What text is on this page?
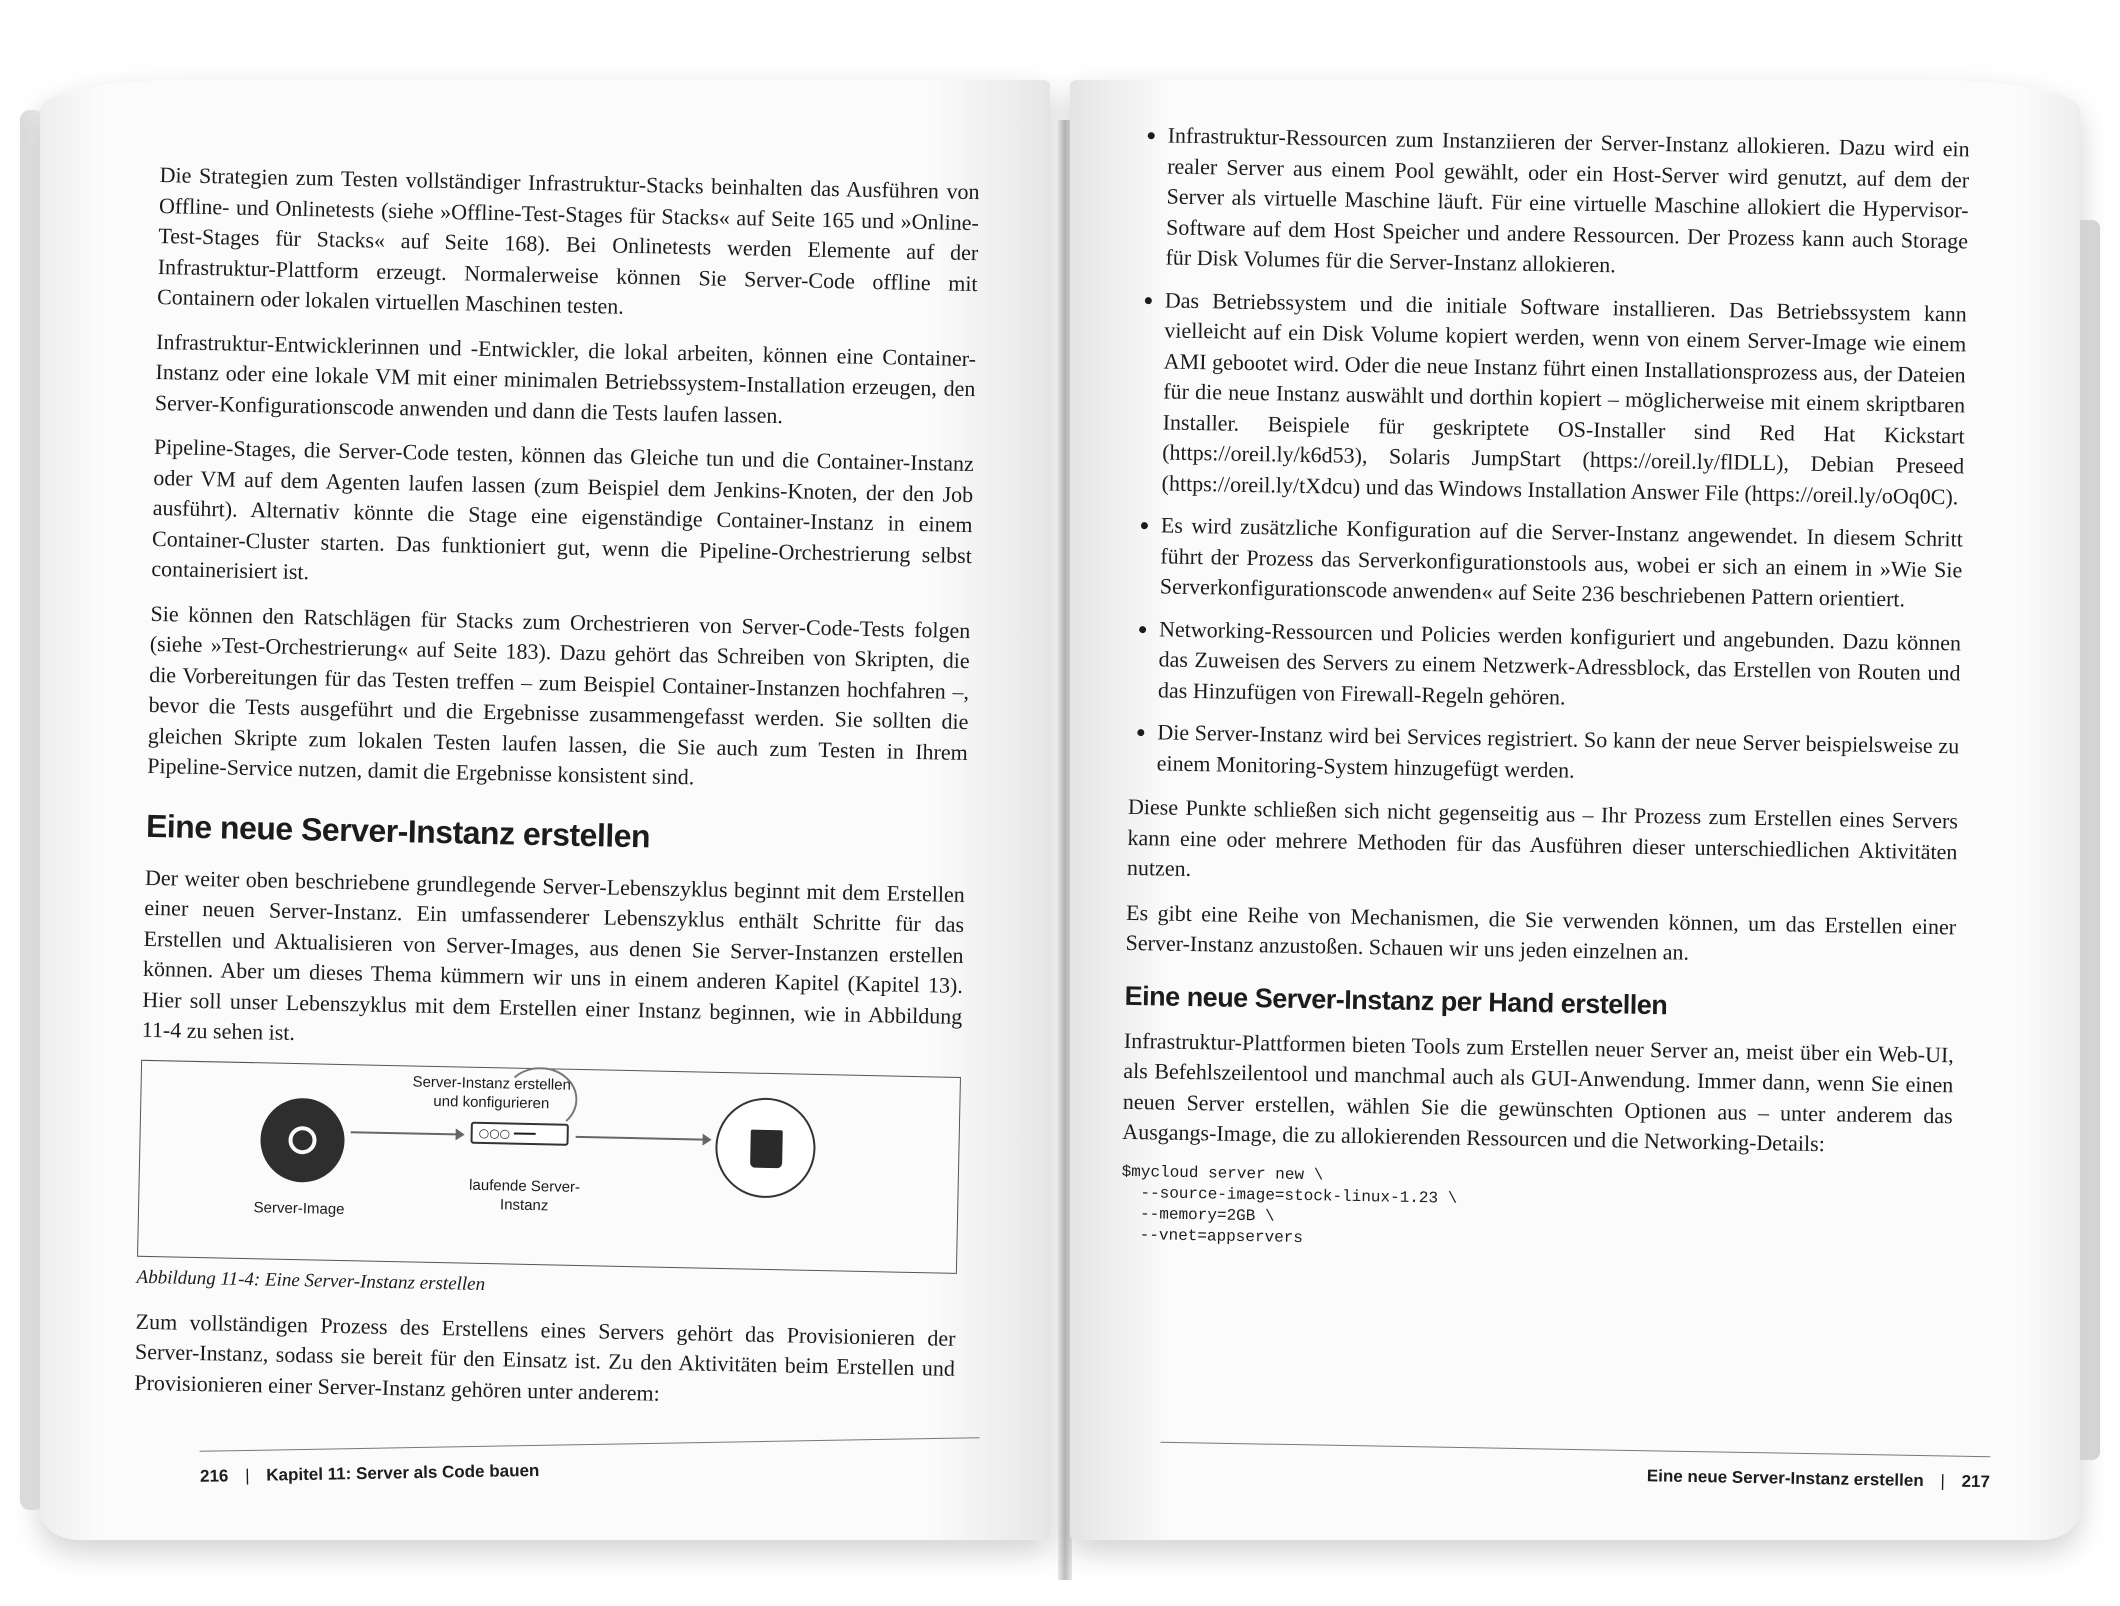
Die Strategien zum Testen vollständiger Infrastruktur-Stacks beinhalten das Ausführen von Offline- und Onlinetests (siehe »Offline-Test-Stages für Stacks« auf Seite 165 und »Online-Test-Stages für Stacks« auf Seite 168). Bei Onlinetests werden Elemente auf der Infrastruktur-Plattform erzeugt. Normalerweise können Sie Server-Code offline mit Containern oder lokalen virtuellen Maschinen testen.

Infrastruktur-Entwicklerinnen und -Entwickler, die lokal arbeiten, können eine Container-Instanz oder eine lokale VM mit einer minimalen Betriebssystem-Installation erzeugen, den Server-Konfigurationscode anwenden und dann die Tests laufen lassen.

Pipeline-Stages, die Server-Code testen, können das Gleiche tun und die Container-Instanz oder VM auf dem Agenten laufen lassen (zum Beispiel dem Jenkins-Knoten, der den Job ausführt). Alternativ könnte die Stage eine eigenständige Container-Instanz in einem Container-Cluster starten. Das funktioniert gut, wenn die Pipeline-Orchestrierung selbst containerisiert ist.

Sie können den Ratschlägen für Stacks zum Orchestrieren von Server-Code-Tests folgen (siehe »Test-Orchestrierung« auf Seite 183). Dazu gehört das Schreiben von Skripten, die die Vorbereitungen für das Testen treffen – zum Beispiel Container-Instanzen hochfahren –, bevor die Tests ausgeführt und die Ergebnisse zusammengefasst werden. Sie sollten die gleichen Skripte zum lokalen Testen laufen lassen, die Sie auch zum Testen in Ihrem Pipeline-Service nutzen, damit die Ergebnisse konsistent sind.

Eine neue Server-Instanz erstellen

Der weiter oben beschriebene grundlegende Server-Lebenszyklus beginnt mit dem Erstellen einer neuen Server-Instanz. Ein umfassenderer Lebenszyklus enthält Schritte für das Erstellen und Aktualisieren von Server-Images, aus denen Sie Server-Instanzen erstellen können. Aber um dieses Thema kümmern wir uns in einem anderen Kapitel (Kapitel 13). Hier soll unser Lebenszyklus mit dem Erstellen einer Instanz beginnen, wie in Abbildung 11-4 zu sehen ist.

Server-Instanz erstellen
und konfigurieren
○○○ ━━━
Server-Image
laufende Server-
Instanz
Abbildung 11-4: Eine Server-Instanz erstellen

Zum vollständigen Prozess des Erstellens eines Servers gehört das Provisionieren der Server-Instanz, sodass sie bereit für den Einsatz ist. Zu den Aktivitäten beim Erstellen und Provisionieren einer Server-Instanz gehören unter anderem:

216 | Kapitel 11: Server als Code bauen
• Infrastruktur-Ressourcen zum Instanziieren der Server-Instanz allokieren. Dazu wird ein realer Server aus einem Pool gewählt, oder ein Host-Server wird genutzt, auf dem der Server als virtuelle Maschine läuft. Für eine virtuelle Maschine allokiert die Hypervisor-Software auf dem Host Speicher und andere Ressourcen. Der Prozess kann auch Storage für Disk Volumes für die Server-Instanz allokieren.
• Das Betriebssystem und die initiale Software installieren. Das Betriebssystem kann vielleicht auf ein Disk Volume kopiert werden, wenn von einem Server-Image wie einem AMI gebootet wird. Oder die neue Instanz führt einen Installationsprozess aus, der Dateien für die neue Instanz auswählt und dorthin kopiert – möglicherweise mit einem skriptbaren Installer. Beispiele für geskriptete OS-Installer sind Red Hat Kickstart (https://oreil.ly/k6d53), Solaris JumpStart (https://oreil.ly/flDLL), Debian Preseed (https://oreil.ly/tXdcu) und das Windows Installation Answer File (https://oreil.ly/oOq0C).
• Es wird zusätzliche Konfiguration auf die Server-Instanz angewendet. In diesem Schritt führt der Prozess das Serverkonfigurationstools aus, wobei er sich an einem in »Wie Sie Serverkonfigurationscode anwenden« auf Seite 236 beschriebenen Pattern orientiert.
• Networking-Ressourcen und Policies werden konfiguriert und angebunden. Dazu können das Zuweisen des Servers zu einem Netzwerk-Adressblock, das Erstellen von Routen und das Hinzufügen von Firewall-Regeln gehören.
• Die Server-Instanz wird bei Services registriert. So kann der neue Server beispielsweise zu einem Monitoring-System hinzugefügt werden.

Diese Punkte schließen sich nicht gegenseitig aus – Ihr Prozess zum Erstellen eines Servers kann eine oder mehrere Methoden für das Ausführen dieser unterschiedlichen Aktivitäten nutzen.

Es gibt eine Reihe von Mechanismen, die Sie verwenden können, um das Erstellen einer Server-Instanz anzustoßen. Schauen wir uns jeden einzelnen an.

Eine neue Server-Instanz per Hand erstellen

Infrastruktur-Plattformen bieten Tools zum Erstellen neuer Server an, meist über ein Web-UI, als Befehlszeilentool und manchmal auch als GUI-Anwendung. Immer dann, wenn Sie einen neuen Server erstellen, wählen Sie die gewünschten Optionen aus – unter anderem das Ausgangs-Image, die zu allokierenden Ressourcen und die Networking-Details:

$mycloud server new \
--source-image=stock-linux-1.23 \
--memory=2GB \
--vnet=appservers
Eine neue Server-Instanz erstellen | 217
